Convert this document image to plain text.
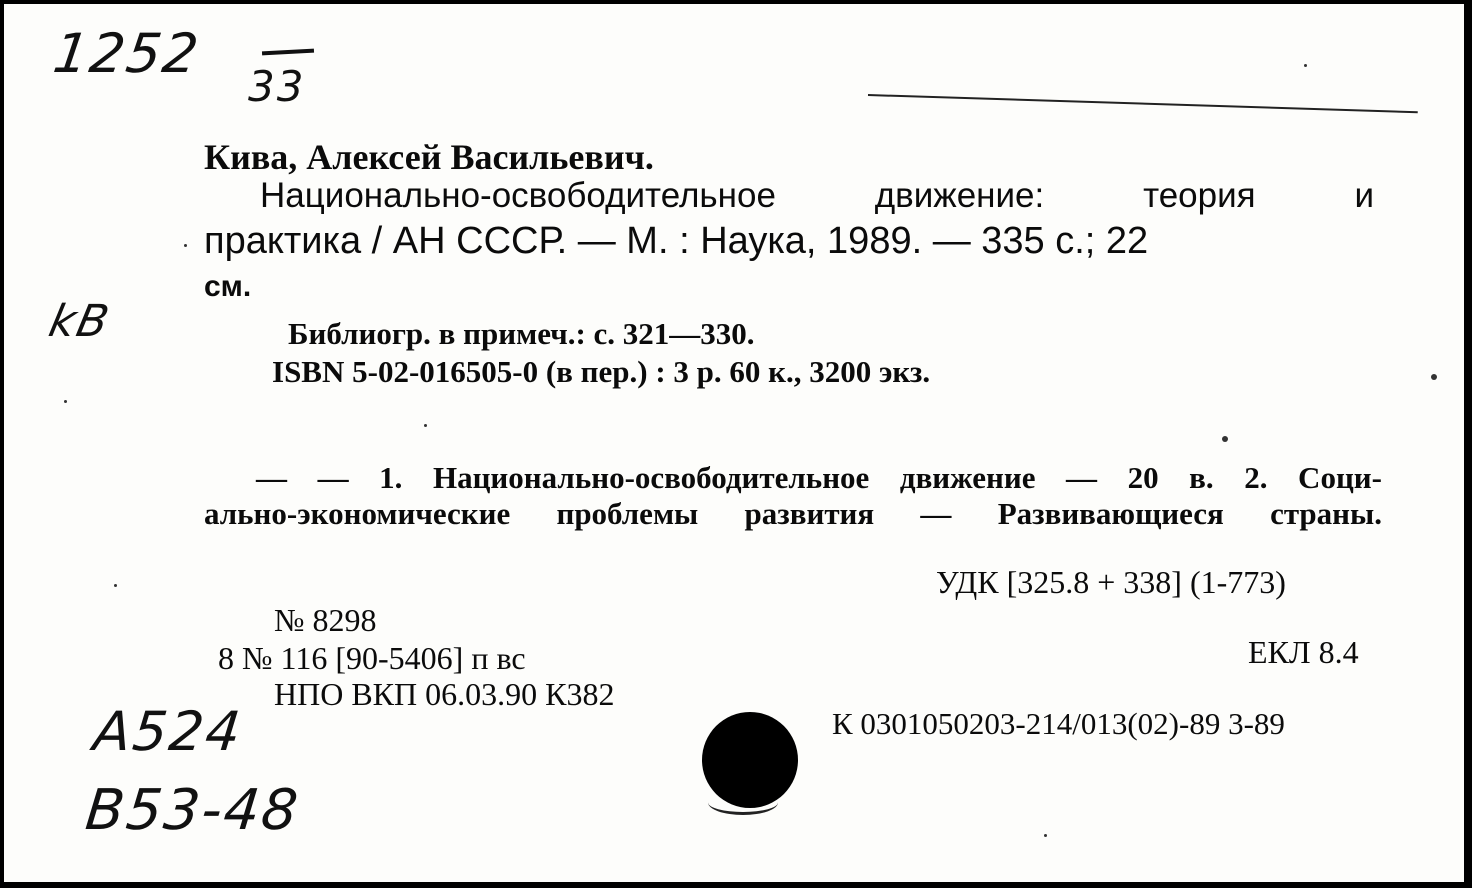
1252
33
kB
A524
B53-48
Кива, Алексей Васильевич.
Национально-освободительное движение: теория и
практика / АН СССР. — М. : Наука, 1989. — 335 с.; 22
см.
Библиогр. в примеч.: с. 321—330.
ISBN 5-02-016505-0 (в пер.) : 3 р. 60 к., 3200 экз.
— — 1. Национально-освободительное движение — 20 в. 2. Соци-
ально-экономические проблемы развития — Развивающиеся страны.
УДК [325.8 + 338] (1-773)
№ 8298
8 № 116 [90-5406] п вс	ЕКЛ 8.4
НПО ВКП 06.03.90 К382
К 0301050203-214/013(02)-89 3-89
